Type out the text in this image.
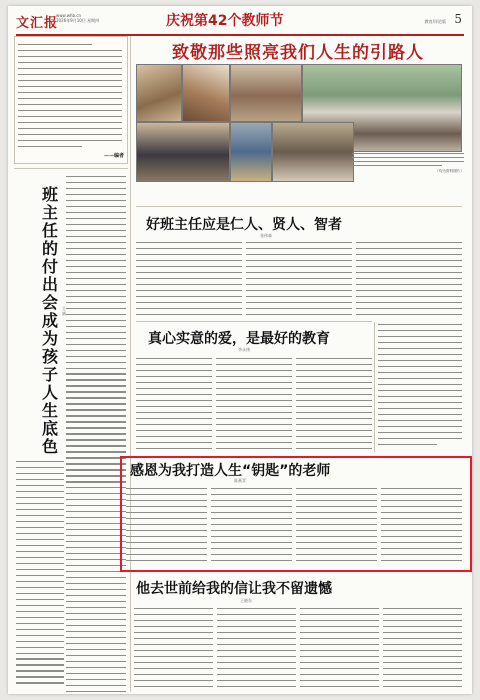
文汇报
www.whb.cn
2026年9月10日 星期四	庆祝第42个教师节	教育/评论版 5
致敬那些照亮我们人生的引路人
——编者
班主任的付出会成为孩子人生底色
王斌
（均为资料图片）
好班主任应是仁人、贤人、智者
张伟森
真心实意的爱，是最好的教育
李永康
感恩为我打造人生“钥匙”的老师
陈燕青
他去世前给我的信让我不留遗憾
王晓东
